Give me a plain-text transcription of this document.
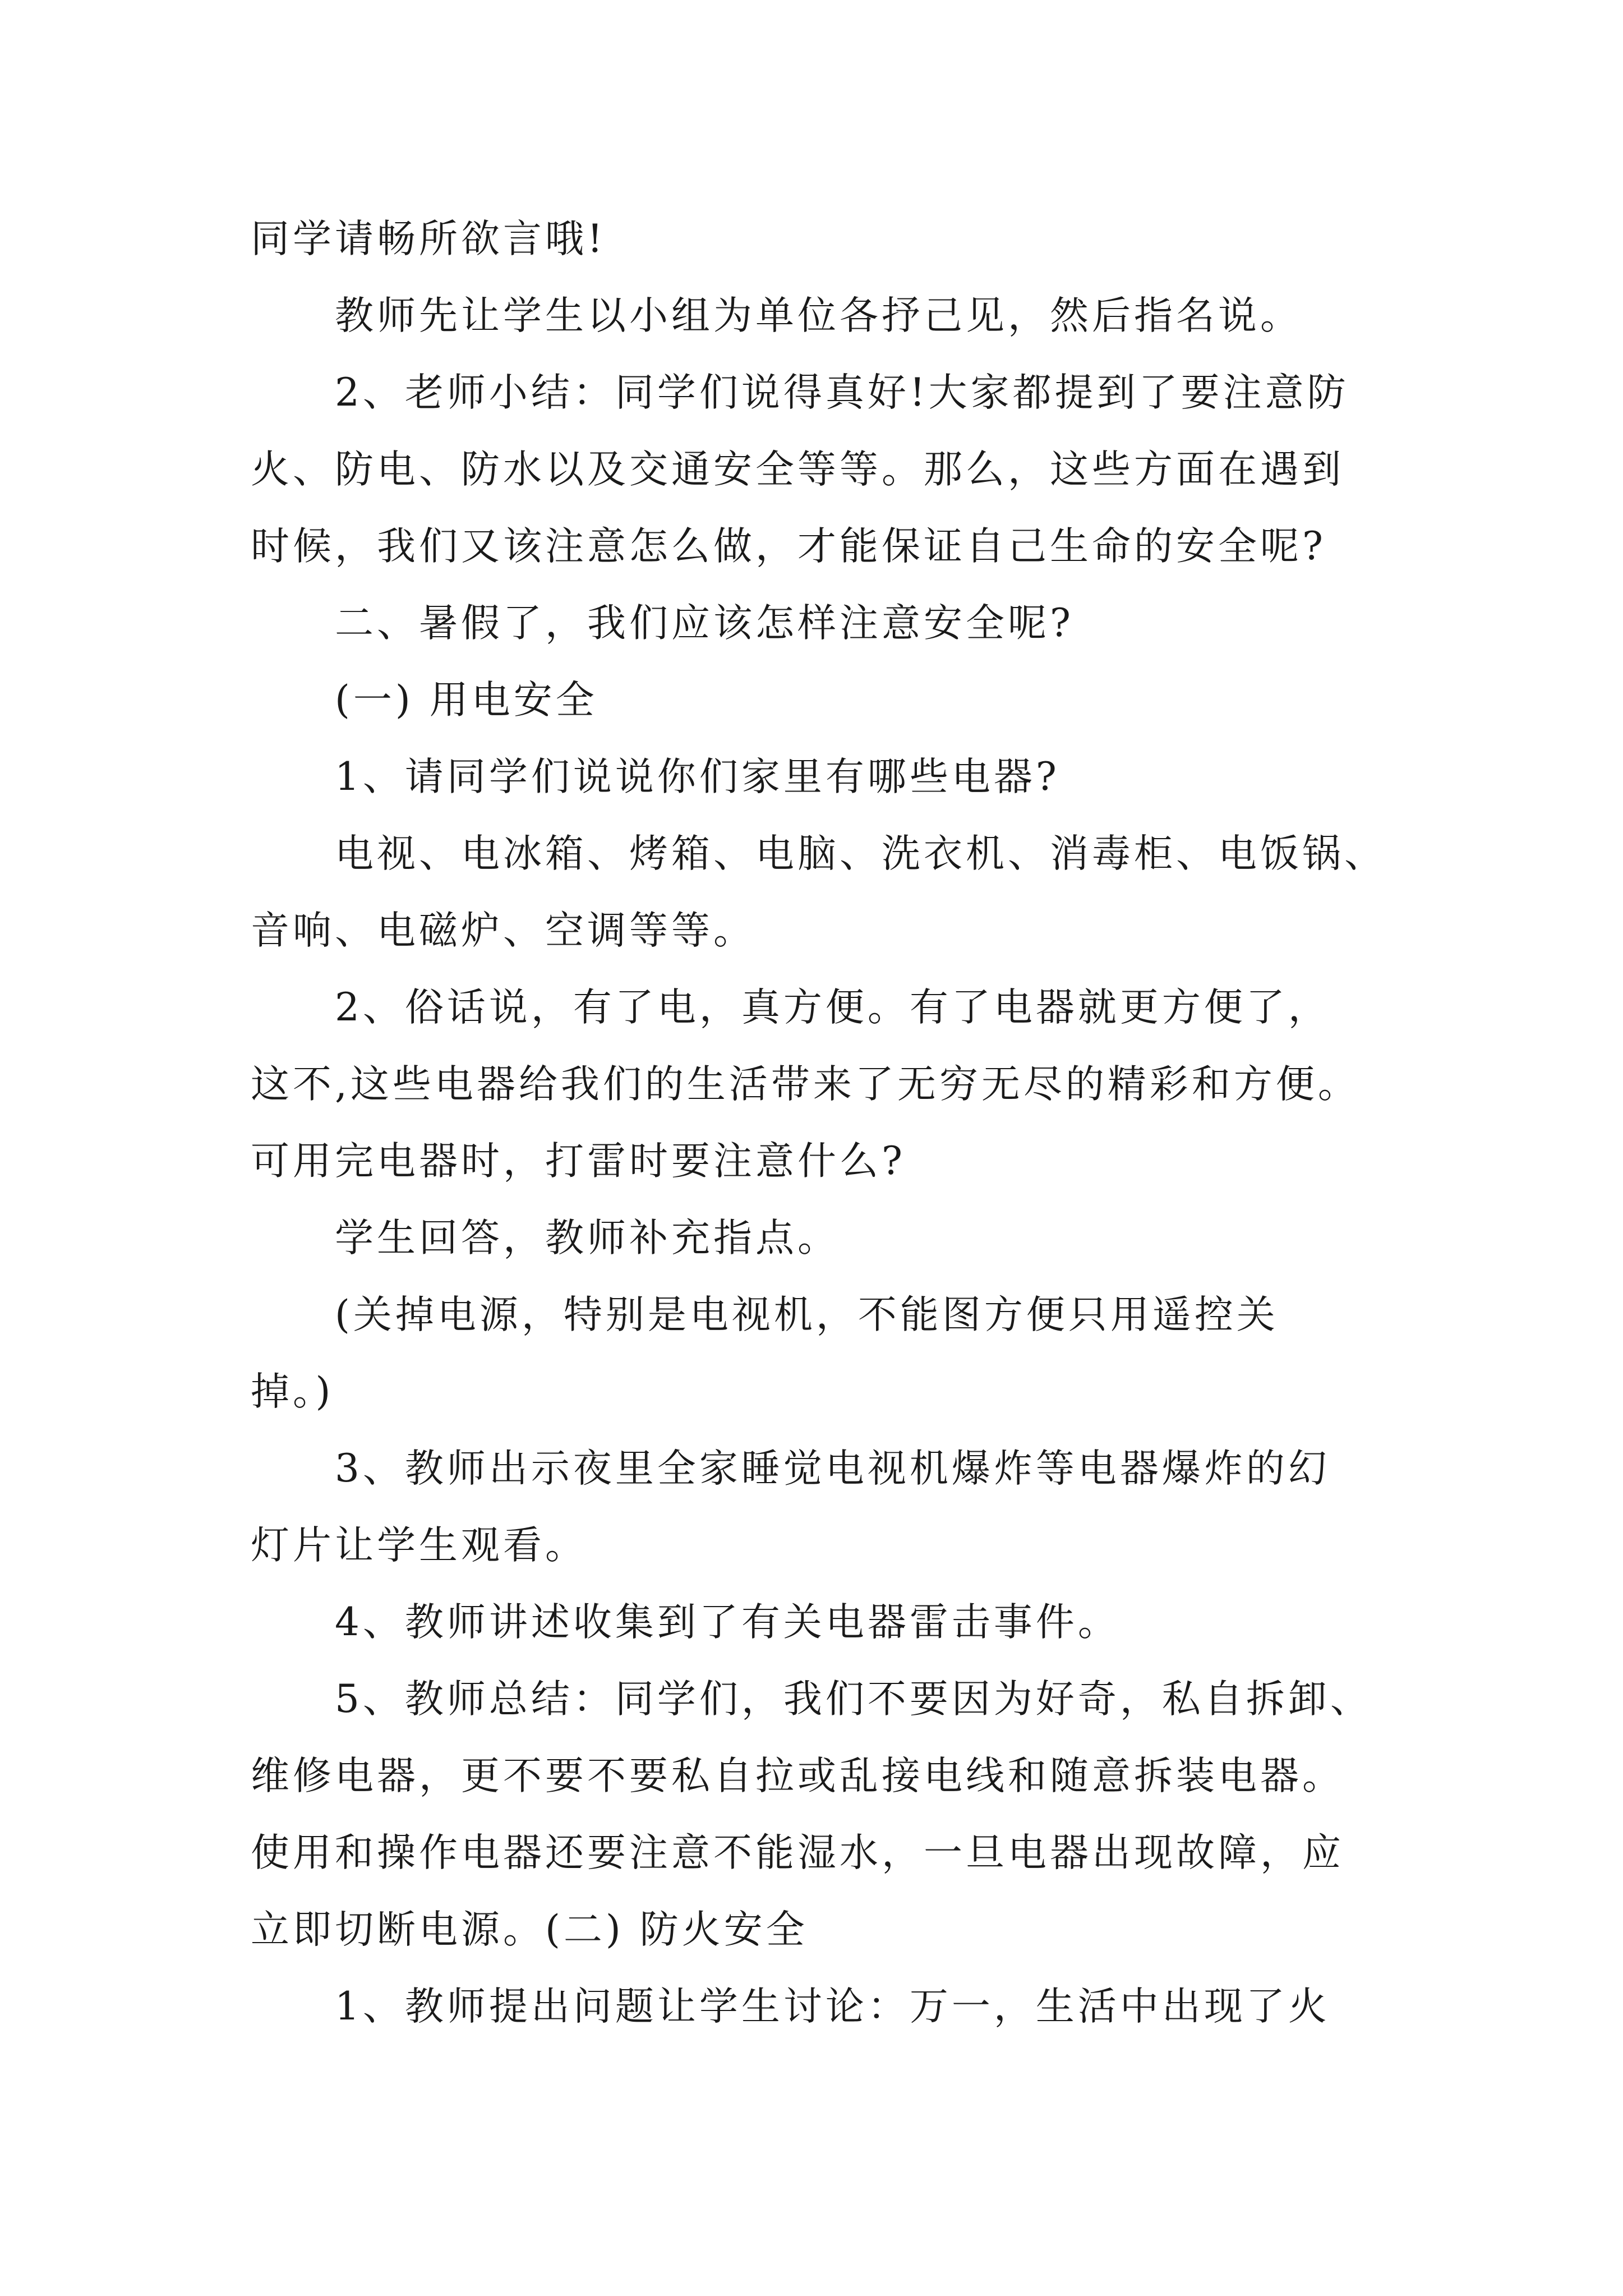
同学请畅所欲言哦!
教师先让学生以小组为单位各抒己见，然后指名说。
2、老师小结：同学们说得真好!大家都提到了要注意防
火、防电、防水以及交通安全等等。那么，这些方面在遇到
时候，我们又该注意怎么做，才能保证自己生命的安全呢?
二、暑假了，我们应该怎样注意安全呢?
(一) 用电安全
1、请同学们说说你们家里有哪些电器?
电视、电冰箱、烤箱、电脑、洗衣机、消毒柜、电饭锅、
音响、电磁炉、空调等等。
2、俗话说，有了电，真方便。有了电器就更方便了，
这不,这些电器给我们的生活带来了无穷无尽的精彩和方便。
可用完电器时，打雷时要注意什么?
学生回答，教师补充指点。
(关掉电源，特别是电视机，不能图方便只用遥控关
掉。)
3、教师出示夜里全家睡觉电视机爆炸等电器爆炸的幻
灯片让学生观看。
4、教师讲述收集到了有关电器雷击事件。
5、教师总结：同学们，我们不要因为好奇，私自拆卸、
维修电器，更不要不要私自拉或乱接电线和随意拆装电器。
使用和操作电器还要注意不能湿水，一旦电器出现故障，应
立即切断电源。(二) 防火安全
1、教师提出问题让学生讨论：万一，生活中出现了火
